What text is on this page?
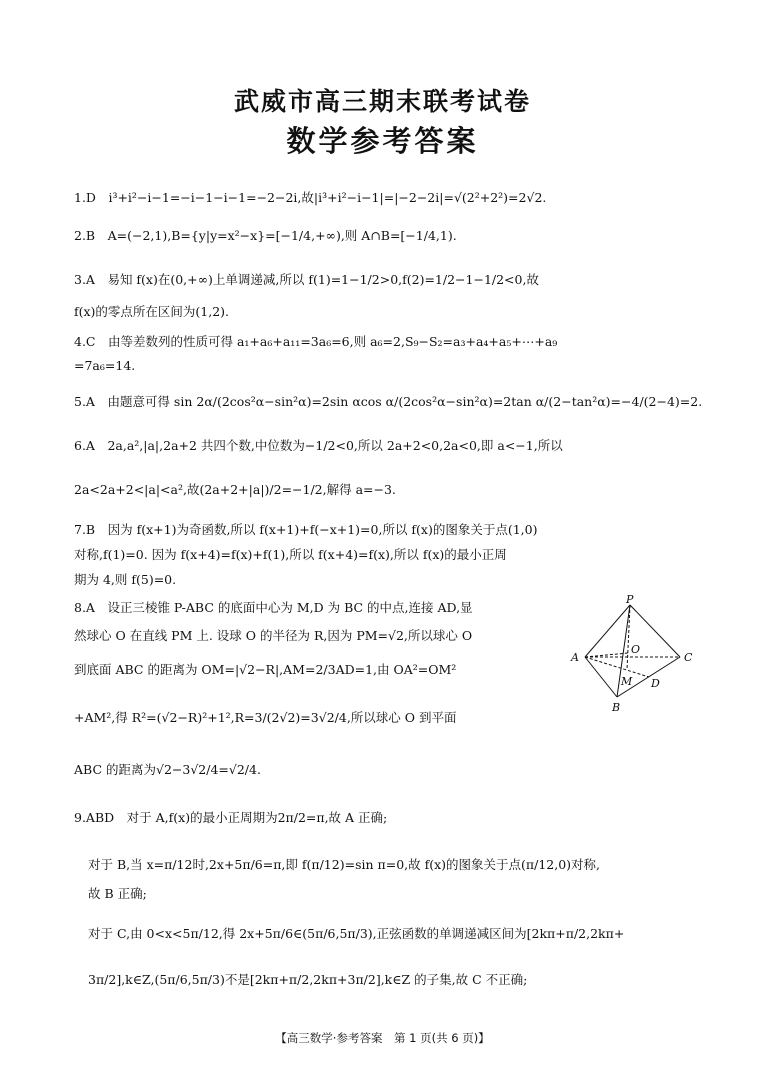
武威市高三期末联考试卷
数学参考答案
1.D　i³+i²−i−1=−i−1−i−1=−2−2i,故|i³+i²−i−1|=|−2−2i|=√(2²+2²)=2√2.
2.B　A=(−2,1),B={y|y=x²−x}=[−1/4,+∞),则 A∩B=[−1/4,1).
3.A　易知 f(x)在(0,+∞)上单调递减,所以 f(1)=1−1/2>0,f(2)=1/2−1−1/2<0,故
f(x)的零点所在区间为(1,2).
4.C　由等差数列的性质可得 a₁+a₆+a₁₁=3a₆=6,则 a₆=2,S₉−S₂=a₃+a₄+a₅+⋯+a₉
=7a₆=14.
5.A　由题意可得 sin 2α/(2cos²α−sin²α)=2sin αcos α/(2cos²α−sin²α)=2tan α/(2−tan²α)=−4/(2−4)=2.
6.A　2a,a²,|a|,2a+2 共四个数,中位数为−1/2<0,所以 2a+2<0,2a<0,即 a<−1,所以
2a<2a+2<|a|<a²,故(2a+2+|a|)/2=−1/2,解得 a=−3.
7.B　因为 f(x+1)为奇函数,所以 f(x+1)+f(−x+1)=0,所以 f(x)的图象关于点(1,0)
对称,f(1)=0. 因为 f(x+4)=f(x)+f(1),所以 f(x+4)=f(x),所以 f(x)的最小正周
期为 4,则 f(5)=0.
8.A　设正三棱锥 P-ABC 的底面中心为 M,D 为 BC 的中点,连接 AD,显
然球心 O 在直线 PM 上. 设球 O 的半径为 R,因为 PM=√2,所以球心 O
到底面 ABC 的距离为 OM=|√2−R|,AM=2/3AD=1,由 OA²=OM²
+AM²,得 R²=(√2−R)²+1²,R=3/(2√2)=3√2/4,所以球心 O 到平面
ABC 的距离为√2−3√2/4=√2/4.
P
O
A	C
M D
B
9.ABD　对于 A,f(x)的最小正周期为2π/2=π,故 A 正确;
对于 B,当 x=π/12时,2x+5π/6=π,即 f(π/12)=sin π=0,故 f(x)的图象关于点(π/12,0)对称,
故 B 正确;
对于 C,由 0<x<5π/12,得 2x+5π/6∈(5π/6,5π/3),正弦函数的单调递减区间为[2kπ+π/2,2kπ+
3π/2],k∈Z,(5π/6,5π/3)不是[2kπ+π/2,2kπ+3π/2],k∈Z 的子集,故 C 不正确;
【高三数学·参考答案　第 1 页(共 6 页)】
